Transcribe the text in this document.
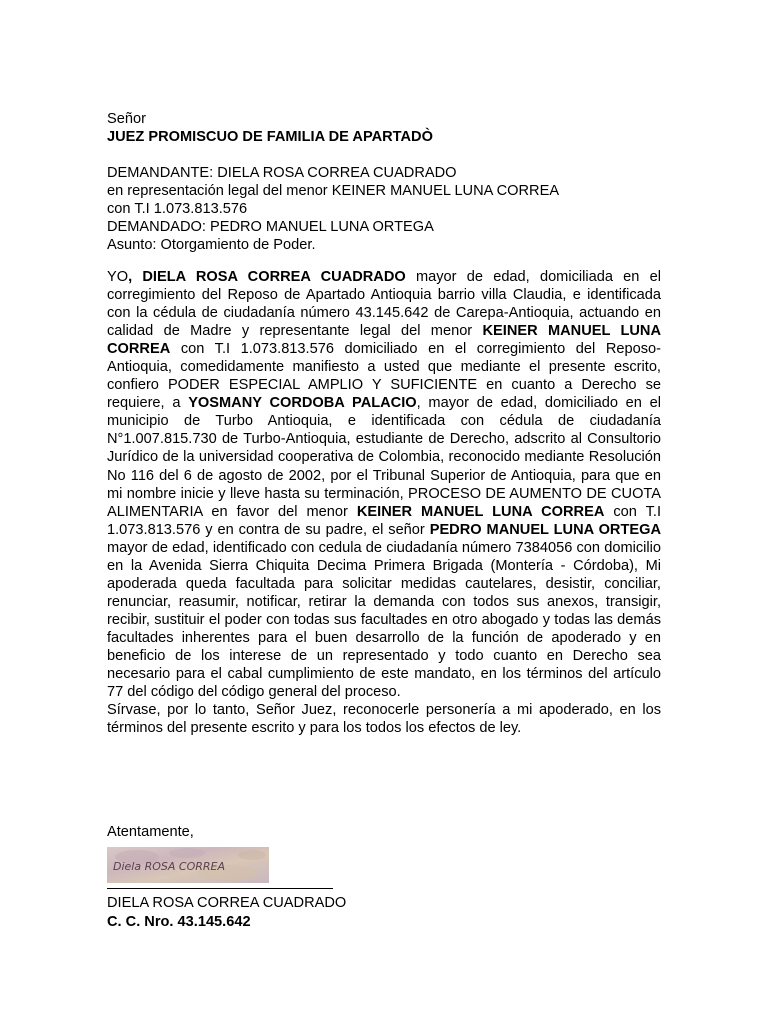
Señor
JUEZ PROMISCUO DE FAMILIA DE APARTADÒ
DEMANDANTE: DIELA ROSA CORREA CUADRADO
en representación legal del menor KEINER MANUEL LUNA CORREA
con T.I 1.073.813.576
DEMANDADO: PEDRO MANUEL LUNA ORTEGA
Asunto: Otorgamiento de Poder.

YO, DIELA ROSA CORREA CUADRADO mayor de edad, domiciliada en el corregimiento del Reposo de Apartado Antioquia barrio villa Claudia, e identificada con la cédula de ciudadanía número 43.145.642 de Carepa-Antioquia, actuando en calidad de Madre y representante legal del menor KEINER MANUEL LUNA CORREA con T.I 1.073.813.576 domiciliado en el corregimiento del Reposo-Antioquia, comedidamente manifiesto a usted que mediante el presente escrito, confiero PODER ESPECIAL AMPLIO Y SUFICIENTE en cuanto a Derecho se requiere, a YOSMANY CORDOBA PALACIO, mayor de edad, domiciliado en el municipio de Turbo Antioquia, e identificada con cédula de ciudadanía N°1.007.815.730 de Turbo-Antioquia, estudiante de Derecho, adscrito al Consultorio Jurídico de la universidad cooperativa de Colombia, reconocido mediante Resolución No 116 del 6 de agosto de 2002, por el Tribunal Superior de Antioquia, para que en mi nombre inicie y lleve hasta su terminación, PROCESO DE AUMENTO DE CUOTA ALIMENTARIA en favor del menor KEINER MANUEL LUNA CORREA con T.I 1.073.813.576 y en contra de su padre, el señor PEDRO MANUEL LUNA ORTEGA mayor de edad, identificado con cedula de ciudadanía número 7384056 con domicilio en la Avenida Sierra Chiquita Decima Primera Brigada (Montería - Córdoba), Mi apoderada queda facultada para solicitar medidas cautelares, desistir, conciliar, renunciar, reasumir, notificar, retirar la demanda con todos sus anexos, transigir, recibir, sustituir el poder con todas sus facultades en otro abogado y todas las demás facultades inherentes para el buen desarrollo de la función de apoderado y en beneficio de los interese de un representado y todo cuanto en Derecho sea necesario para el cabal cumplimiento de este mandato, en los términos del artículo 77 del código del código general del proceso.

Sírvase, por lo tanto, Señor Juez, reconocerle personería a mi apoderado, en los términos del presente escrito y para los todos los efectos de ley.

Atentamente,
Diela ROSA CORREA
DIELA ROSA CORREA CUADRADO
C. C. Nro. 43.145.642
